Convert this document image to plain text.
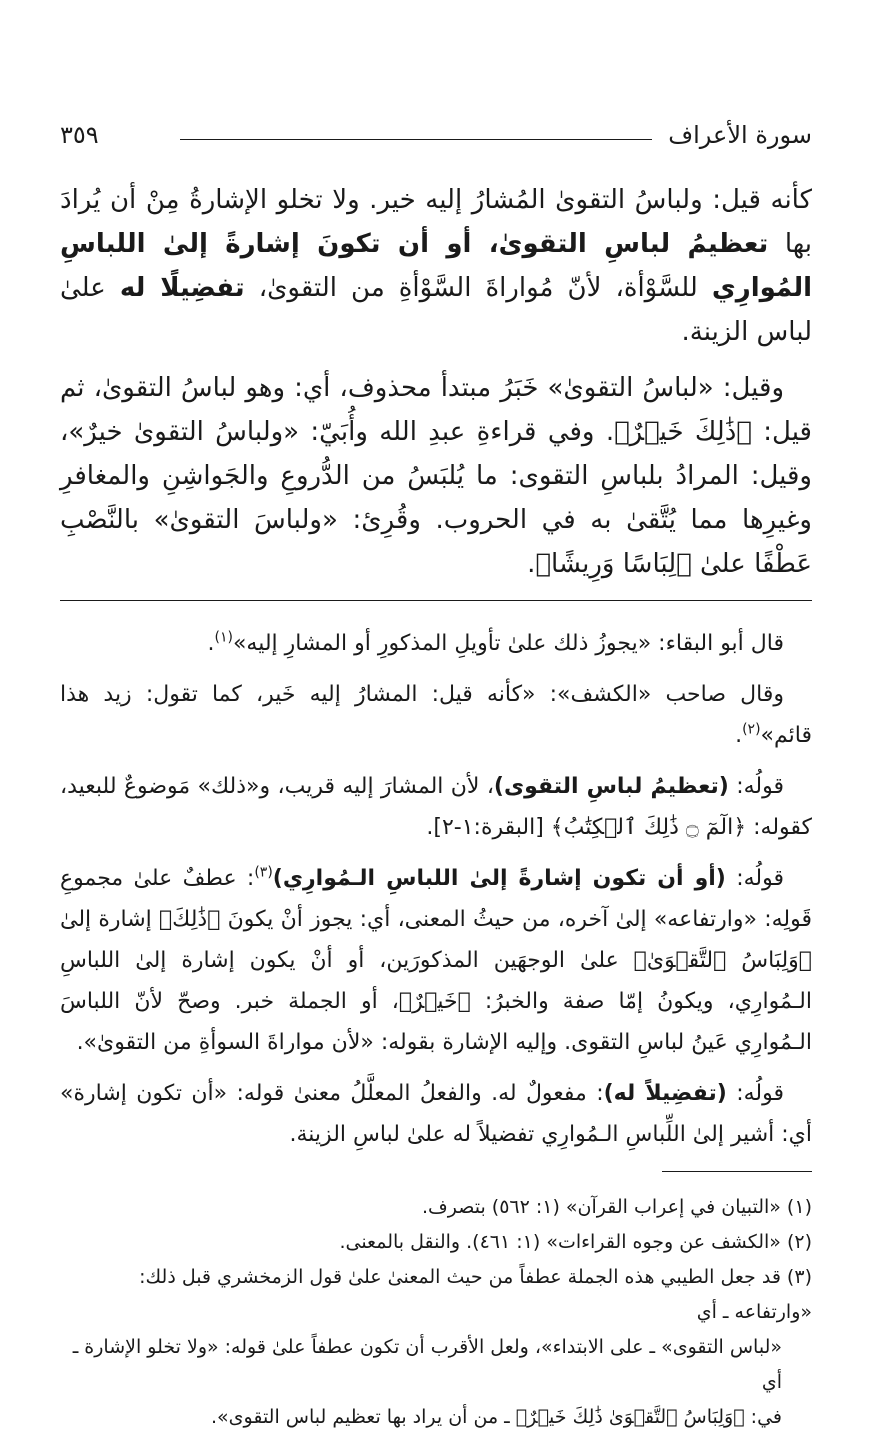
سورة الأعراف
٣٥٩

كأنه قيل: ولباسُ التقوىٰ المُشارُ إليه خير. ولا تخلو الإشارةُ مِنْ أن يُرادَ بها تعظيمُ لباسِ التقوىٰ، أو أن تكونَ إشارةً إلىٰ اللباسِ المُوارِي للسَّوْأة، لأنّ مُواراةَ السَّوْأةِ من التقوىٰ، تفضِيلًا له علىٰ لباس الزينة.

وقيل: «لباسُ التقوىٰ» خَبَرُ مبتدأ محذوف، أي: وهو لباسُ التقوىٰ، ثم قيل: ﴿ذَٰلِكَ خَيۡرٌ﴾. وفي قراءةِ عبدِ الله وأُبَيّ: «ولباسُ التقوىٰ خيرٌ»، وقيل: المرادُ بلباسِ التقوى: ما يُلبَسُ من الدُّروعِ والجَواشِنِ والمغافرِ وغيرِها مما يُتَّقىٰ به في الحروب. وقُرِئ: «ولباسَ التقوىٰ» بالنَّصْبِ عَطْفًا علىٰ ﴿لِبَاسًا وَرِيشًا﴾.

قال أبو البقاء: «يجوزُ ذلك علىٰ تأويلِ المذكورِ أو المشارِ إليه»$^{(١)}$.

وقال صاحب «الكشف»: «كأنه قيل: المشارُ إليه خَير، كما تقول: زيد هذا قائم»$^{(٢)}$.

قولُه: (تعظيمُ لباسِ التقوى)، لأن المشارَ إليه قريب، و«ذلك» مَوضوعٌ للبعيد، كقوله: ﴿الٓمٓ ۝ ذَٰلِكَ ٱلۡكِتَٰبُ﴾ [البقرة:١-٢].

قولُه: (أو أن تكون إشارةً إلىٰ اللباسِ الـمُوارِي)$^{(٣)}$: عطفٌ علىٰ مجموعِ قَولِه: «وارتفاعه» إلىٰ آخره، من حيثُ المعنى، أي: يجوز أنْ يكونَ ﴿ذَٰلِكَ﴾ إشارة إلىٰ ﴿وَلِبَاسُ ٱلتَّقۡوَىٰ﴾ علىٰ الوجهَين المذكورَين، أو أنْ يكون إشارة إلىٰ اللباسِ الـمُوارِي، ويكونُ إمّا صفة والخبرُ: ﴿خَيۡرٌ﴾، أو الجملة خبر. وصحّ لأنّ اللباسَ الـمُوارِي عَينُ لباسِ التقوى. وإليه الإشارة بقوله: «لأن مواراةَ السوأةِ من التقوىٰ».

قولُه: (تفضِيلاً له): مفعولٌ له. والفعلُ المعلَّلُ معنىٰ قوله: «أن تكون إشارة» أي: أشير إلىٰ اللِّباسِ الـمُوارِي تفضيلاً له علىٰ لباسِ الزينة.

(١) «التبيان في إعراب القرآن» (١: ٥٦٢) بتصرف.

(٢) «الكشف عن وجوه القراءات» (١: ٤٦١). والنقل بالمعنى.

(٣) قد جعل الطيبي هذه الجملة عطفاً من حيث المعنىٰ علىٰ قول الزمخشري قبل ذلك: «وارتفاعه ـ أي

«لباس التقوى» ـ على الابتداء»، ولعل الأقرب أن تكون عطفاً علىٰ قوله: «ولا تخلو الإشارة ـ أي

في: ﴿وَلِبَاسُ ٱلتَّقۡوَىٰ ذَٰلِكَ خَيۡرٌ﴾ ـ من أن يراد بها تعظيم لباس التقوى».
